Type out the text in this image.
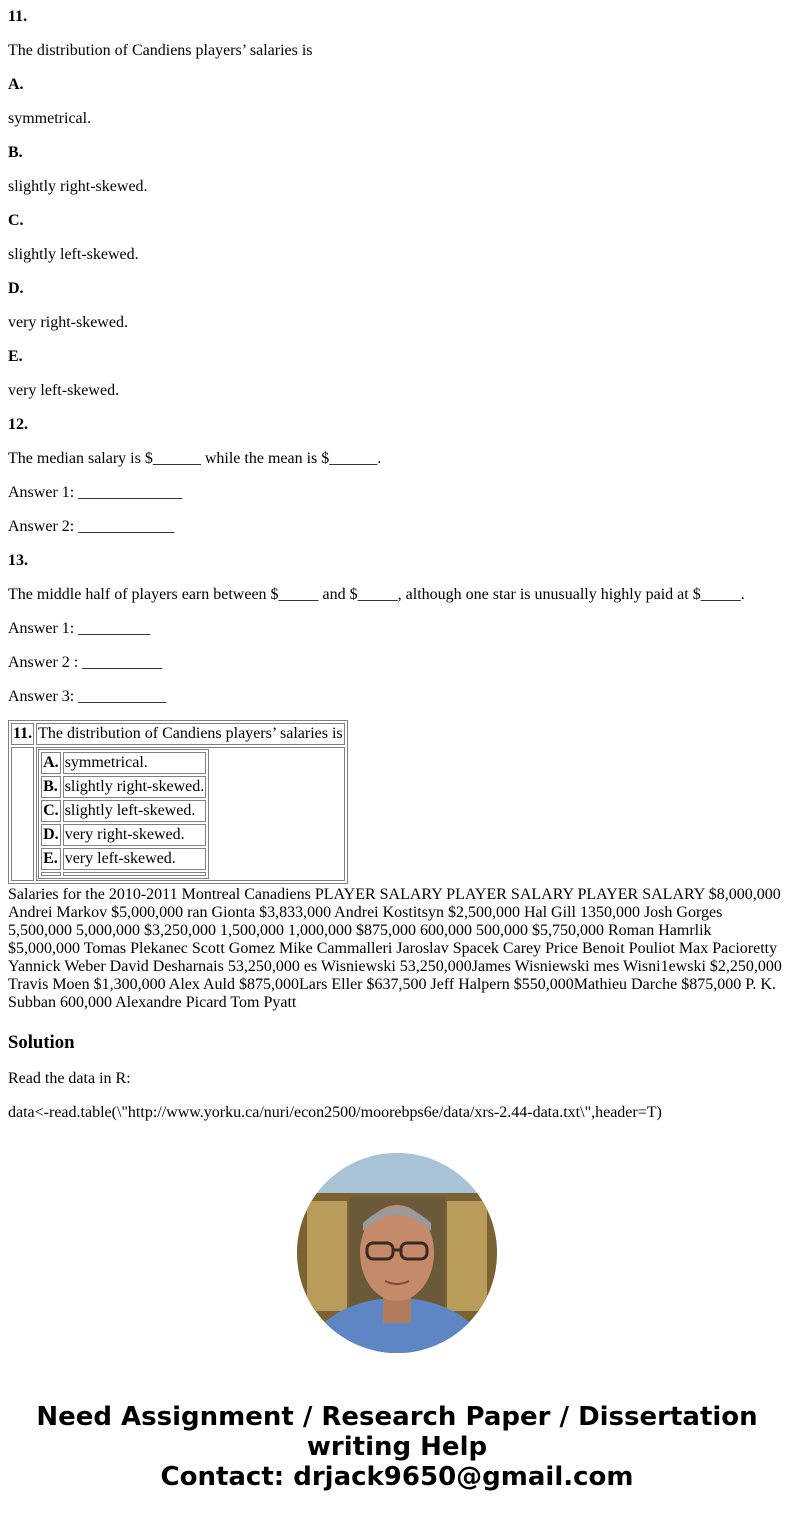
11.

The distribution of Candiens players’ salaries is

A.

symmetrical.

B.

slightly right-skewed.

C.

slightly left-skewed.

D.

very right-skewed.

E.

very left-skewed.

12.

The median salary is $______ while the mean is $______.

Answer 1: _____________

Answer 2: ____________

13.

The middle half of players earn between $_____ and $_____, although one star is unusually highly paid at $_____.

Answer 1: _________

Answer 2 : __________

Answer 3: ___________

11.	The distribution of Candiens players’ salaries is

A.	symmetrical.
B.	slightly right-skewed.
C.	slightly left-skewed.
D.	very right-skewed.
E.	very left-skewed.

Salaries for the 2010-2011 Montreal Canadiens PLAYER SALARY PLAYER SALARY PLAYER SALARY $8,000,000 Andrei Markov $5,000,000 ran Gionta $3,833,000 Andrei Kostitsyn $2,500,000 Hal Gill 1350,000 Josh Gorges 5,500,000 5,000,000 $3,250,000 1,500,000 1,000,000 $875,000 600,000 500,000 $5,750,000 Roman Hamrlik $5,000,000 Tomas Plekanec Scott Gomez Mike Cammalleri Jaroslav Spacek Carey Price Benoit Pouliot Max Pacioretty Yannick Weber David Desharnais 53,250,000 es Wisniewski 53,250,000James Wisniewski mes Wisni1ewski $2,250,000 Travis Moen $1,300,000 Alex Auld $875,000Lars Eller $637,500 Jeff Halpern $550,000Mathieu Darche $875,000 P. K. Subban 600,000 Alexandre Picard Tom Pyatt

Solution

Read the data in R:

data<-read.table(\"http://www.yorku.ca/nuri/econ2500/moorebps6e/data/xrs-2.44-data.txt\",header=T)

Need Assignment / Research Paper / Dissertation
writing Help
Contact: drjack9650@gmail.com
